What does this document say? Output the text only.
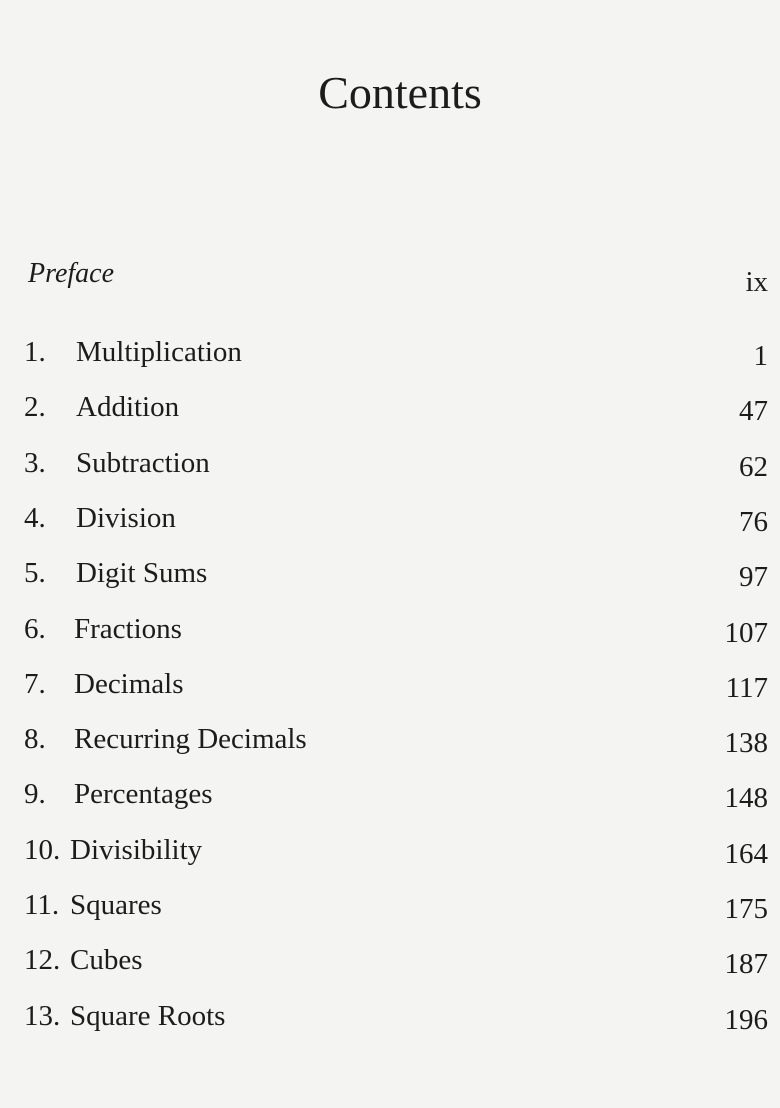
Contents
Preface	ix
1. Multiplication	1
2. Addition	47
3. Subtraction	62
4. Division	76
5. Digit Sums	97
6. Fractions	107
7. Decimals	117
8. Recurring Decimals	138
9. Percentages	148
10. Divisibility	164
11. Squares	175
12. Cubes	187
13. Square Roots	196
